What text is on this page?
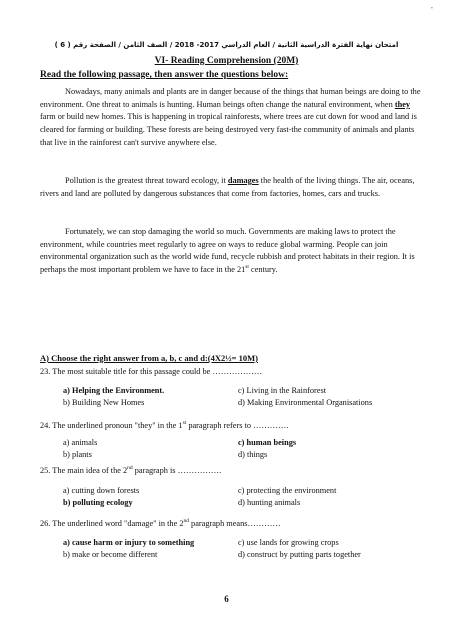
•
امتحان نهاية الفترة الدراسية الثانية / العام الدراسي 2017- 2018 / الصف الثامن / الصفحة رقم ( 6 )
VI- Reading Comprehension (20M)
Read the following passage, then answer the questions below:

Nowadays, many animals and plants are in danger because of the things that human beings are doing to the environment. One threat to animals is hunting. Human beings often change the natural environment, when they farm or build new homes. This is happening in tropical rainforests, where trees are cut down for wood and land is cleared for farming or building. These forests are being destroyed very fast-the community of animals and plants that live in the rainforest can't survive anywhere else.

Pollution is the greatest threat toward ecology, it damages the health of the living things. The air, oceans, rivers and land are polluted by dangerous substances that come from factories, homes, cars and trucks.

Fortunately, we can stop damaging the world so much. Governments are making laws to protect the environment, while countries meet regularly to agree on ways to reduce global warming. People can join environmental organization such as the world wide fund, recycle rubbish and protect habitats in their region. It is perhaps the most important problem we have to face in the 21st century.

A) Choose the right answer from a, b, c and d:(4X2½= 10M)
23. The most suitable title for this passage could be ………………
a) Helping the Environment.	c) Living in the Rainforest
b) Building New Homes	d) Making Environmental Organisations
24. The underlined pronoun "they" in the 1st paragraph refers to ………….
a) animals	c) human beings
b) plants	d) things
25. The main idea of the 2nd paragraph is …………….
a) cutting down forests	c) protecting the environment
b) polluting ecology	d) hunting animals
26. The underlined word "damage" in the 2nd paragraph means…………
a) cause harm or injury to something	c) use lands for growing crops
b) make or become different	d) construct by putting parts together
6
